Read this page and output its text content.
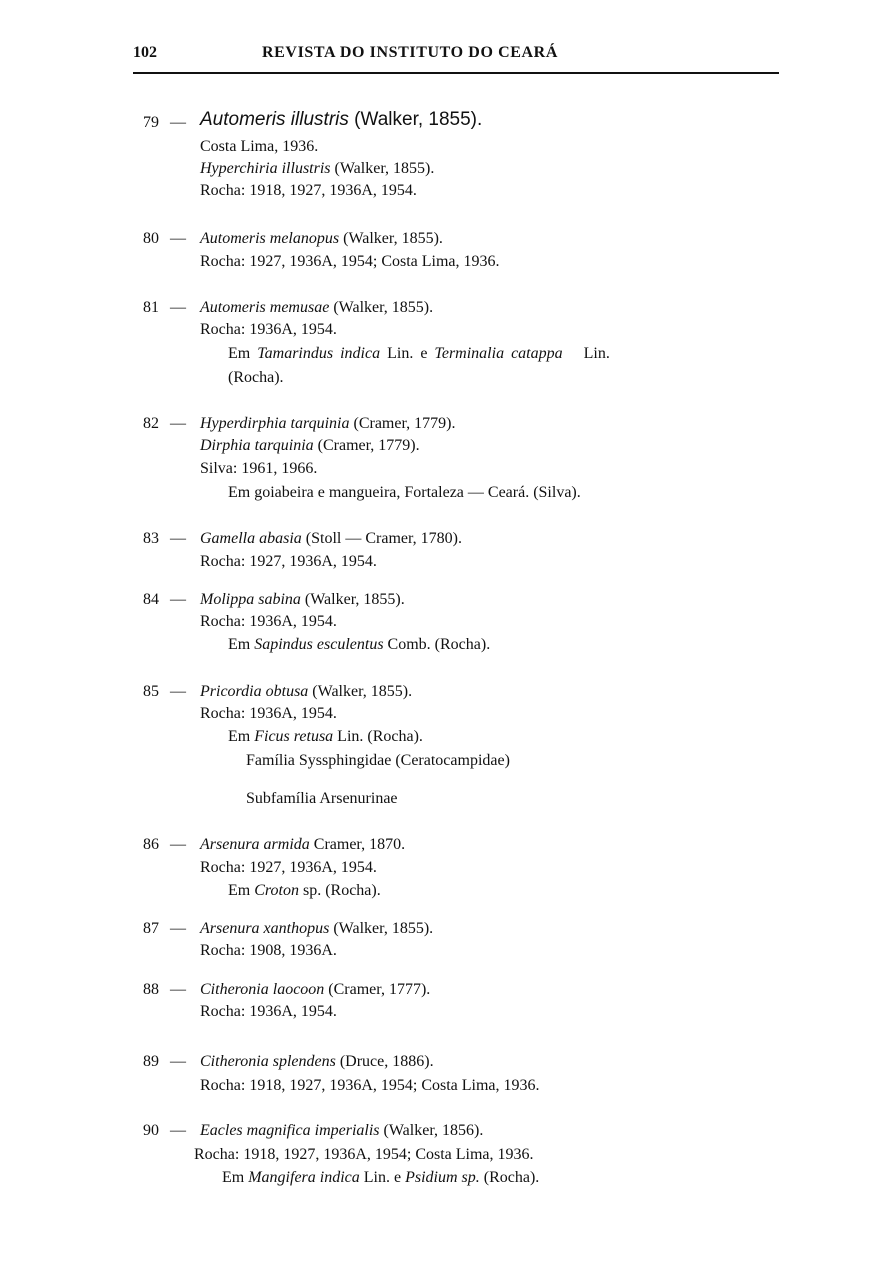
102	REVISTA DO INSTITUTO DO CEARÁ
79 — Automeris illustris (Walker, 1855).
Costa Lima, 1936.
Hyperchiria illustris (Walker, 1855).
Rocha: 1918, 1927, 1936A, 1954.
80 — Automeris melanopus (Walker, 1855).
Rocha: 1927, 1936A, 1954; Costa Lima, 1936.
81 — Automeris memusae (Walker, 1855).
Rocha: 1936A, 1954.
Em Tamarindus indica Lin. e Terminalia catappa Lin.
(Rocha).
82 — Hyperdirphia tarquinia (Cramer, 1779).
Dirphia tarquinia (Cramer, 1779).
Silva: 1961, 1966.
Em goiabeira e mangueira, Fortaleza — Ceará. (Silva).
83 — Gamella abasia (Stoll — Cramer, 1780).
Rocha: 1927, 1936A, 1954.
84 — Molippa sabina (Walker, 1855).
Rocha: 1936A, 1954.
Em Sapindus esculentus Comb. (Rocha).
85 — Pricordia obtusa (Walker, 1855).
Rocha: 1936A, 1954.
Em Ficus retusa Lin. (Rocha).
Família Syssphingidae (Ceratocampidae)
Subfamília Arsenurinae
86 — Arsenura armida Cramer, 1870.
Rocha: 1927, 1936A, 1954.
Em Croton sp. (Rocha).
87 — Arsenura xanthopus (Walker, 1855).
Rocha: 1908, 1936A.
88 — Citheronia laocoon (Cramer, 1777).
Rocha: 1936A, 1954.
89 — Citheronia splendens (Druce, 1886).
Rocha: 1918, 1927, 1936A, 1954; Costa Lima, 1936.
90 — Eacles magnifica imperialis (Walker, 1856).
Rocha: 1918, 1927, 1936A, 1954; Costa Lima, 1936.
Em Mangifera indica Lin. e Psidium sp. (Rocha).
